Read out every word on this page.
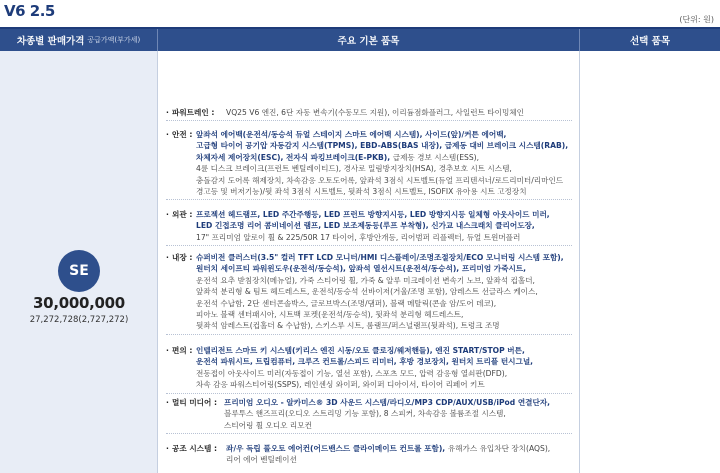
V6 2.5	(단위: 원)
차종별 판매가격 공급가액(부가세)	주요 기본 품목	선택 품목
SE
30,000,000
27,272,728(2,727,272)
· 파워트레인 :	VQ25 V6 엔진, 6단 자동 변속기(수동모드 지원), 이리듐점화플러그, 사일런트 타이밍체인
· 안전 : 앞좌석 에어백(운전석/동승석 듀얼 스테이지 스마트 에어백 시스템), 사이드(앞)/커튼 에어백,
고급형 타이어 공기압 자동감지 시스템(TPMS), EBD-ABS(BAS 내장), 급제동 대비 브레이크 시스템(RAB),
차체자세 제어장치(ESC), 전자식 파킹브레이크(E-PKB), 급제동 경보 시스템(ESS),
4륜 디스크 브레이크(프런트 벤틸레이티드), 경사로 밀림방지장치(HSA), 경추보호 시트 시스템,
충돌감지 도어록 해제장치, 차속감응 오토도어록, 앞좌석 3점식 시트벨트(듀얼 프리텐셔너/로드리미터/리마인드
경고등 및 버저기능)/뒷 좌석 3점식 시트벨트, 뒷좌석 3점식 시트벨트, ISOFIX 유아용 시트 고정장치
· 외관 : 프로젝션 헤드램프, LED 주간주행등, LED 프런트 방향지시등, LED 방향지시등 일체형 아웃사이드 미러,
LED 긴접조명 리어 콤비네이션 램프, LED 보조제동등(루프 부착형), 신가교 내스크래치 클리어도장,
17" 프리미엄 알로이 휠 & 225/50R 17 타이어, 후방안개등, 리어범퍼 리플렉터, 듀얼 트윈머플러
· 내장 : 슈퍼비전 클러스터(3.5" 컬러 TFT LCD 모니터/HMI 디스플레이/조명조절장치/ECO 모니터링 시스템 포함),
원터치 세이프티 파워윈도우(운전석/동승석), 앞좌석 열선시트(운전석/동승석), 프리미엄 가죽시트,
운전석 요추 받침장치(메뉴얼), 가죽 스티어링 휠, 가죽 & 알루 미크레이션 변속기 노브, 앞좌석 컵홀더,
앞좌석 분리형 & 팀트 헤드레스트, 운전석/동승석 선바이저(거울/조명 포함), 암레스트 선글라스 케이스,
운전석 수납함, 2단 센터콘솔박스, 글로브박스(조명/댐퍼), 블랙 메탈릭(콘솔 암/도어 데코),
피아노 블랙 센터패시아, 시트백 포켓(운전석/동승석), 뒷좌석 분리형 헤드레스트,
뒷좌석 암레스트(컵홀더 & 수납함), 스키스루 시트, 롬램프/퍼스널램프(뒷좌석), 트렁크 조명
· 편의 : 인텔리전트 스마트 키 시스템(키리스 엔진 시동/오토 클로징/웨저핸들), 엔진 START/STOP 버튼,
운전석 파워시트, 트립컴퓨터, 크루즈 컨트롤/스피드 리미터, 후방 경보장치, 원터치 트리플 턴시그널,
전동접이 아웃사이드 미러(자동접이 기능, 열선 포함), 스포츠 모드, 압력 감응형 열쇠판(DFD),
차속 감응 파워스티어링(SSPS), 레인센싱 와이퍼, 와이퍼 디아이서, 타이어 리페어 키트
· 멀티 미디어 : 프리미엄 오디오 - 알카미스® 3D 사운드 시스템/라디오/MP3 CDP/AUX/USB/iPod 연결단자,
블루투스 핸즈프리(오디오 스트리밍 기능 포함), 8 스피커, 차속감응 볼륨조절 시스템,
스티어링 휠 오디오 리모컨
· 공조 시스템 :	좌/우 독립 풀오토 에어컨(어드밴스드 클라이메이트 컨트롤 포함), 유해가스 유입차단 장치(AQS),
리어 에어 벤틸레이션
